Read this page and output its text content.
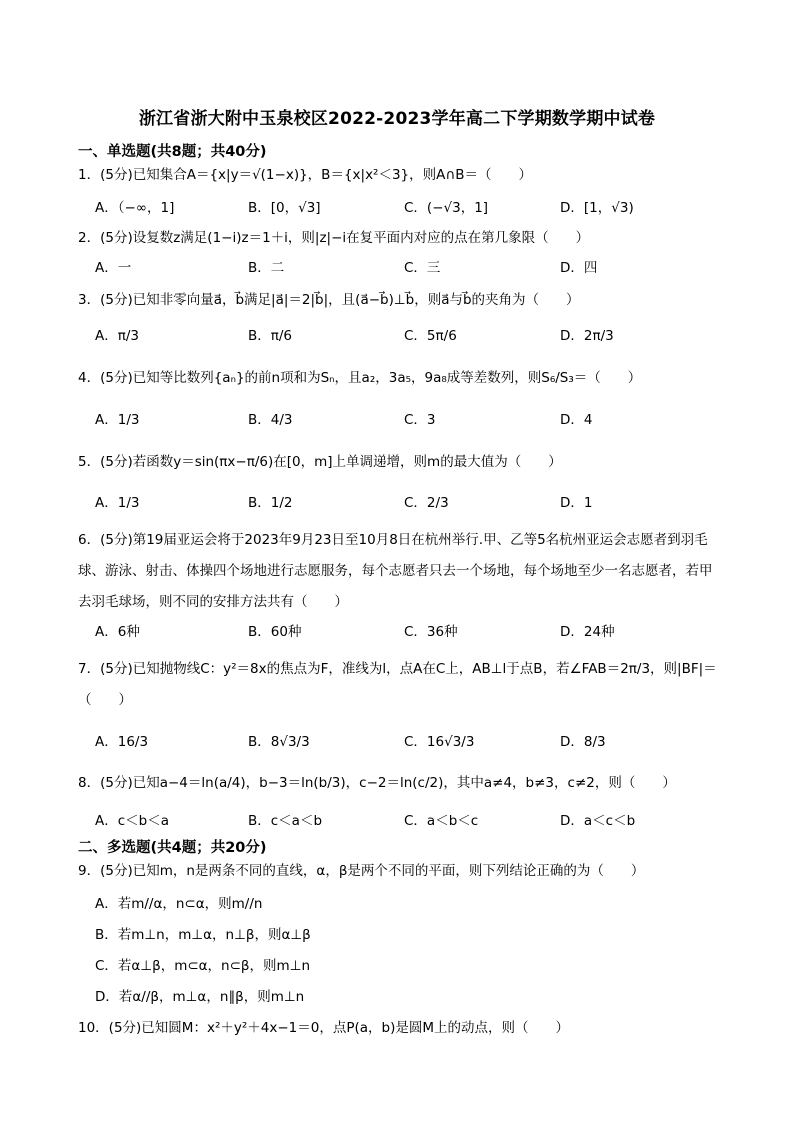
浙江省浙大附中玉泉校区2022-2023学年高二下学期数学期中试卷
一、单选题(共8题；共40分)
1．(5分)已知集合A＝{x|y＝√(1−x)}，B＝{x|x²＜3}，则A∩B＝（　　）
A．（−∞，1]	B．[0，√3]	C．(−√3，1]	D．[1，√3)
2．(5分)设复数z满足(1−i)z＝1＋i，则|z|−i在复平面内对应的点在第几象限（　　）
A．一	B．二	C．三	D．四
3．(5分)已知非零向量a⃗，b⃗满足|a⃗|＝2|b⃗|，且(a⃗−b⃗)⊥b⃗，则a⃗与b⃗的夹角为（　　）
A．π/3	B．π/6	C．5π/6	D．2π/3
4．(5分)已知等比数列{aₙ}的前n项和为Sₙ，且a₂，3a₅，9a₈成等差数列，则S₆/S₃＝（　　）
A．1/3	B．4/3	C．3	D．4
5．(5分)若函数y＝sin(πx−π/6)在[0，m]上单调递增，则m的最大值为（　　）
A．1/3	B．1/2	C．2/3	D．1
6．(5分)第19届亚运会将于2023年9月23日至10月8日在杭州举行.甲、乙等5名杭州亚运会志愿者到羽毛球、游泳、射击、体操四个场地进行志愿服务，每个志愿者只去一个场地，每个场地至少一名志愿者，若甲去羽毛球场，则不同的安排方法共有（　　）
A．6种	B．60种	C．36种	D．24种
7．(5分)已知抛物线C：y²＝8x的焦点为F，准线为l，点A在C上，AB⊥l于点B，若∠FAB＝2π/3，则|BF|＝（　　）
A．16/3	B．8√3/3	C．16√3/3	D．8/3
8．(5分)已知a−4＝ln(a/4)，b−3＝ln(b/3)，c−2＝ln(c/2)，其中a≠4，b≠3，c≠2，则（　　）
A．c＜b＜a	B．c＜a＜b	C．a＜b＜c	D．a＜c＜b
二、多选题(共4题；共20分)
9．(5分)已知m，n是两条不同的直线，α，β是两个不同的平面，则下列结论正确的为（　　）
A．若m//α，n⊂α，则m//n
B．若m⊥n，m⊥α，n⊥β，则α⊥β
C．若α⊥β，m⊂α，n⊂β，则m⊥n
D．若α//β，m⊥α，n∥β，则m⊥n
10．(5分)已知圆M：x²＋y²＋4x−1＝0，点P(a，b)是圆M上的动点，则（　　）
